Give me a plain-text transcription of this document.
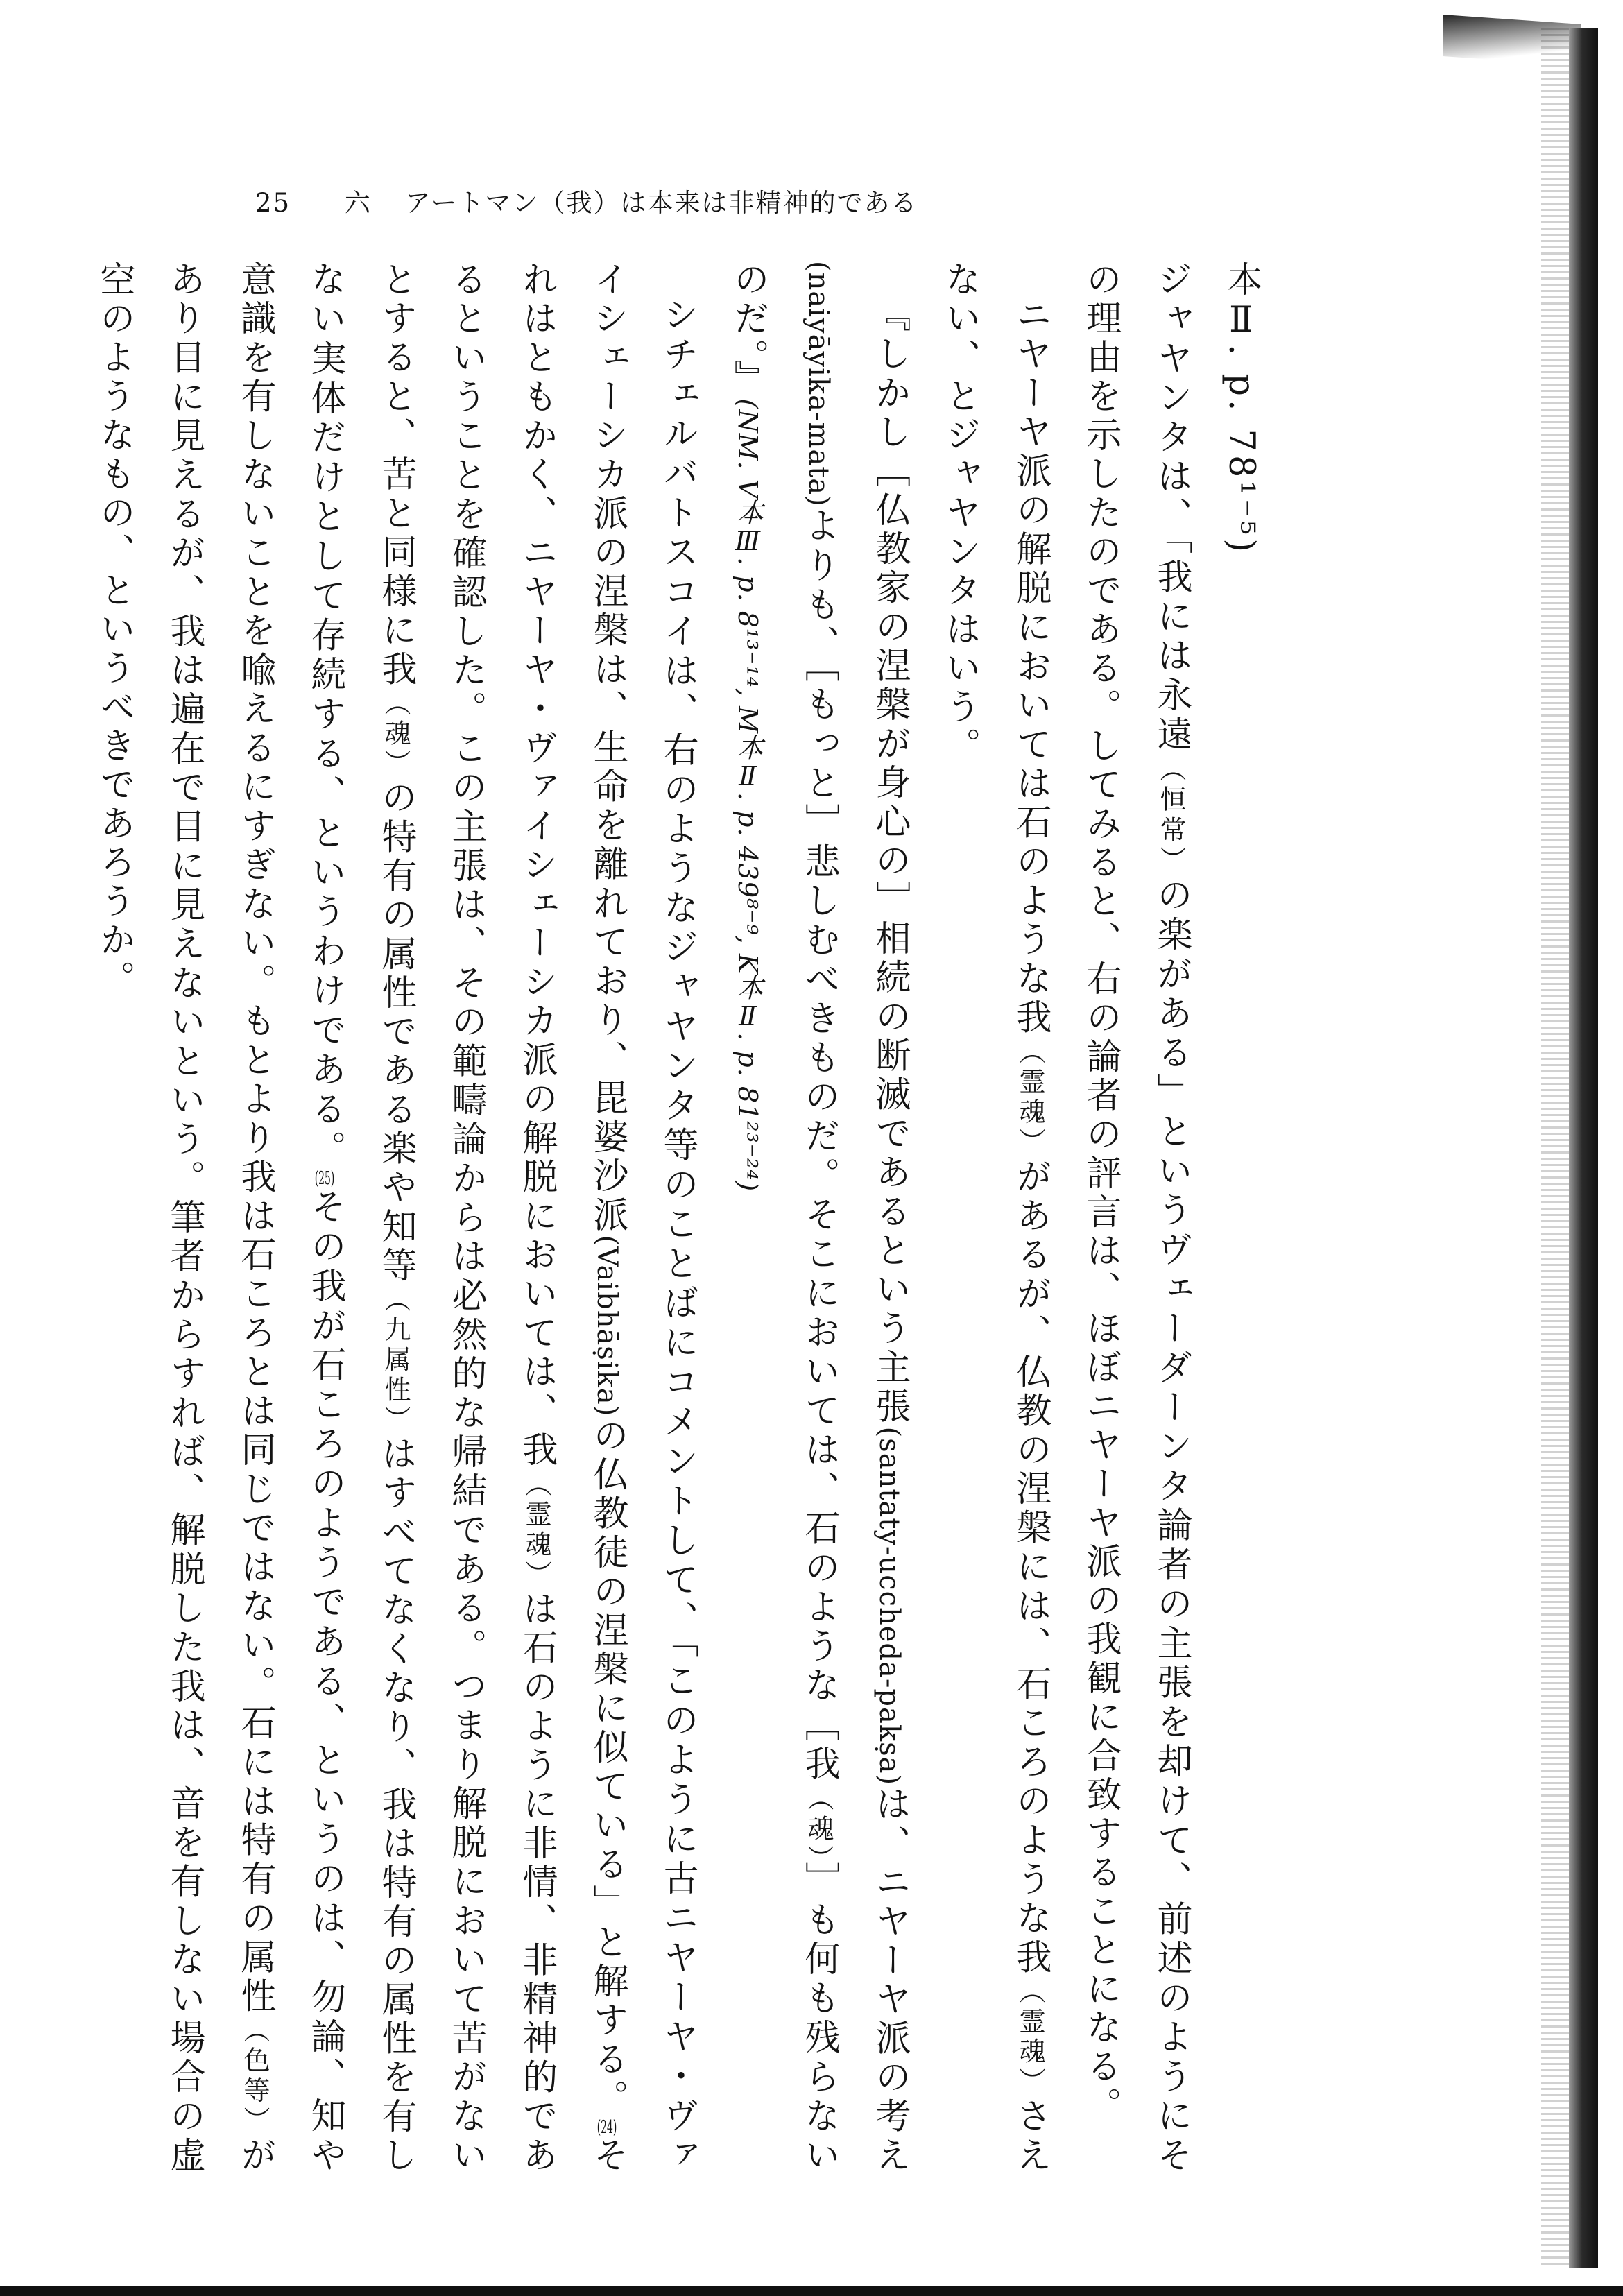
25 六 アートマン（我）は本来は非精神的である

本Ⅱ. p. 78¹⁻⁵)

ジャヤンタは、「我には永遠（恒常）の楽がある」というヴェーダーンタ論者の主張を却けて、前述のようにその理由を示したのである。してみると、右の論者の評言は、ほぼニヤーヤ派の我観に合致することになる。

ニヤーヤ派の解脱においては石のような我（霊魂）があるが、仏教の涅槃には、石ころのような我（霊魂）さえない、とジャヤンタはいう。

『しかし［仏教家の涅槃が身心の］相続の断滅であるという主張(santaty-uccheda-pakṣa)は、ニヤーヤ派の考え(naiyāyika-mata)よりも、［もっと］悲しむべきものだ。そこにおいては、石のような［我（魂）］も何も残らないのだ。』(NM. V本Ⅲ. p. 8¹³⁻¹⁴, M本Ⅱ. p. 439⁸⁻⁹, K本Ⅱ. p. 81²³⁻²⁴)

シチェルバトスコイは、右のようなジャヤンタ等のことばにコメントして、「このように古ニヤーヤ・ヴァイシェーシカ派の涅槃は、生命を離れており、毘婆沙派(Vaibhāṣika)の仏教徒の涅槃に似ている」と解する。(24)それはともかく、ニヤーヤ・ヴァイシェーシカ派の解脱においては、我（霊魂）は石のように非情、非精神的であるということを確認した。この主張は、その範疇論からは必然的な帰結である。つまり解脱において苦がないとすると、苦と同様に我（魂）の特有の属性である楽や知等（九属性）はすべてなくなり、我は特有の属性を有しない実体だけとして存続する、というわけである。(25)その我が石ころのようである、というのは、勿論、知や意識を有しないことを喩えるにすぎない。もとより我は石ころとは同じではない。石には特有の属性（色等）があり目に見えるが、我は遍在で目に見えないという。筆者からすれば、解脱した我は、音を有しない場合の虚空のようなもの、というべきであろうか。
